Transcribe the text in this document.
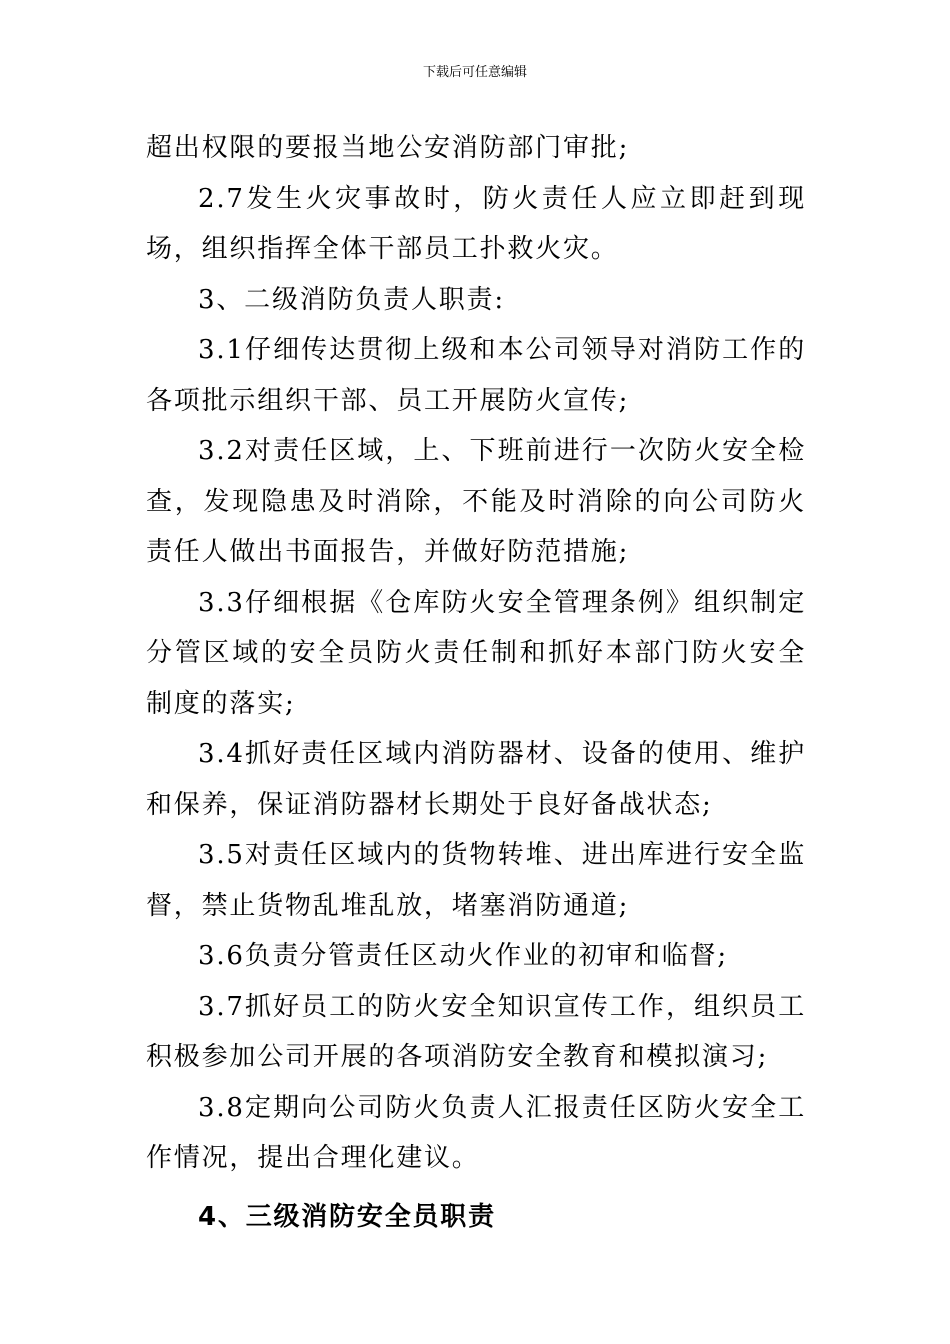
下载后可任意编辑

超出权限的要报当地公安消防部门审批;

2.7发生火灾事故时，防火责任人应立即赶到现场，组织指挥全体干部员工扑救火灾。

3、二级消防负责人职责:

3.1仔细传达贯彻上级和本公司领导对消防工作的各项批示组织干部、员工开展防火宣传;

3.2对责任区域，上、下班前进行一次防火安全检查，发现隐患及时消除，不能及时消除的向公司防火责任人做出书面报告，并做好防范措施;

3.3仔细根据《仓库防火安全管理条例》组织制定分管区域的安全员防火责任制和抓好本部门防火安全制度的落实;

3.4抓好责任区域内消防器材、设备的使用、维护和保养，保证消防器材长期处于良好备战状态;

3.5对责任区域内的货物转堆、进出库进行安全监督，禁止货物乱堆乱放，堵塞消防通道;

3.6负责分管责任区动火作业的初审和临督;

3.7抓好员工的防火安全知识宣传工作，组织员工积极参加公司开展的各项消防安全教育和模拟演习;

3.8定期向公司防火负责人汇报责任区防火安全工作情况，提出合理化建议。

4、三级消防安全员职责
